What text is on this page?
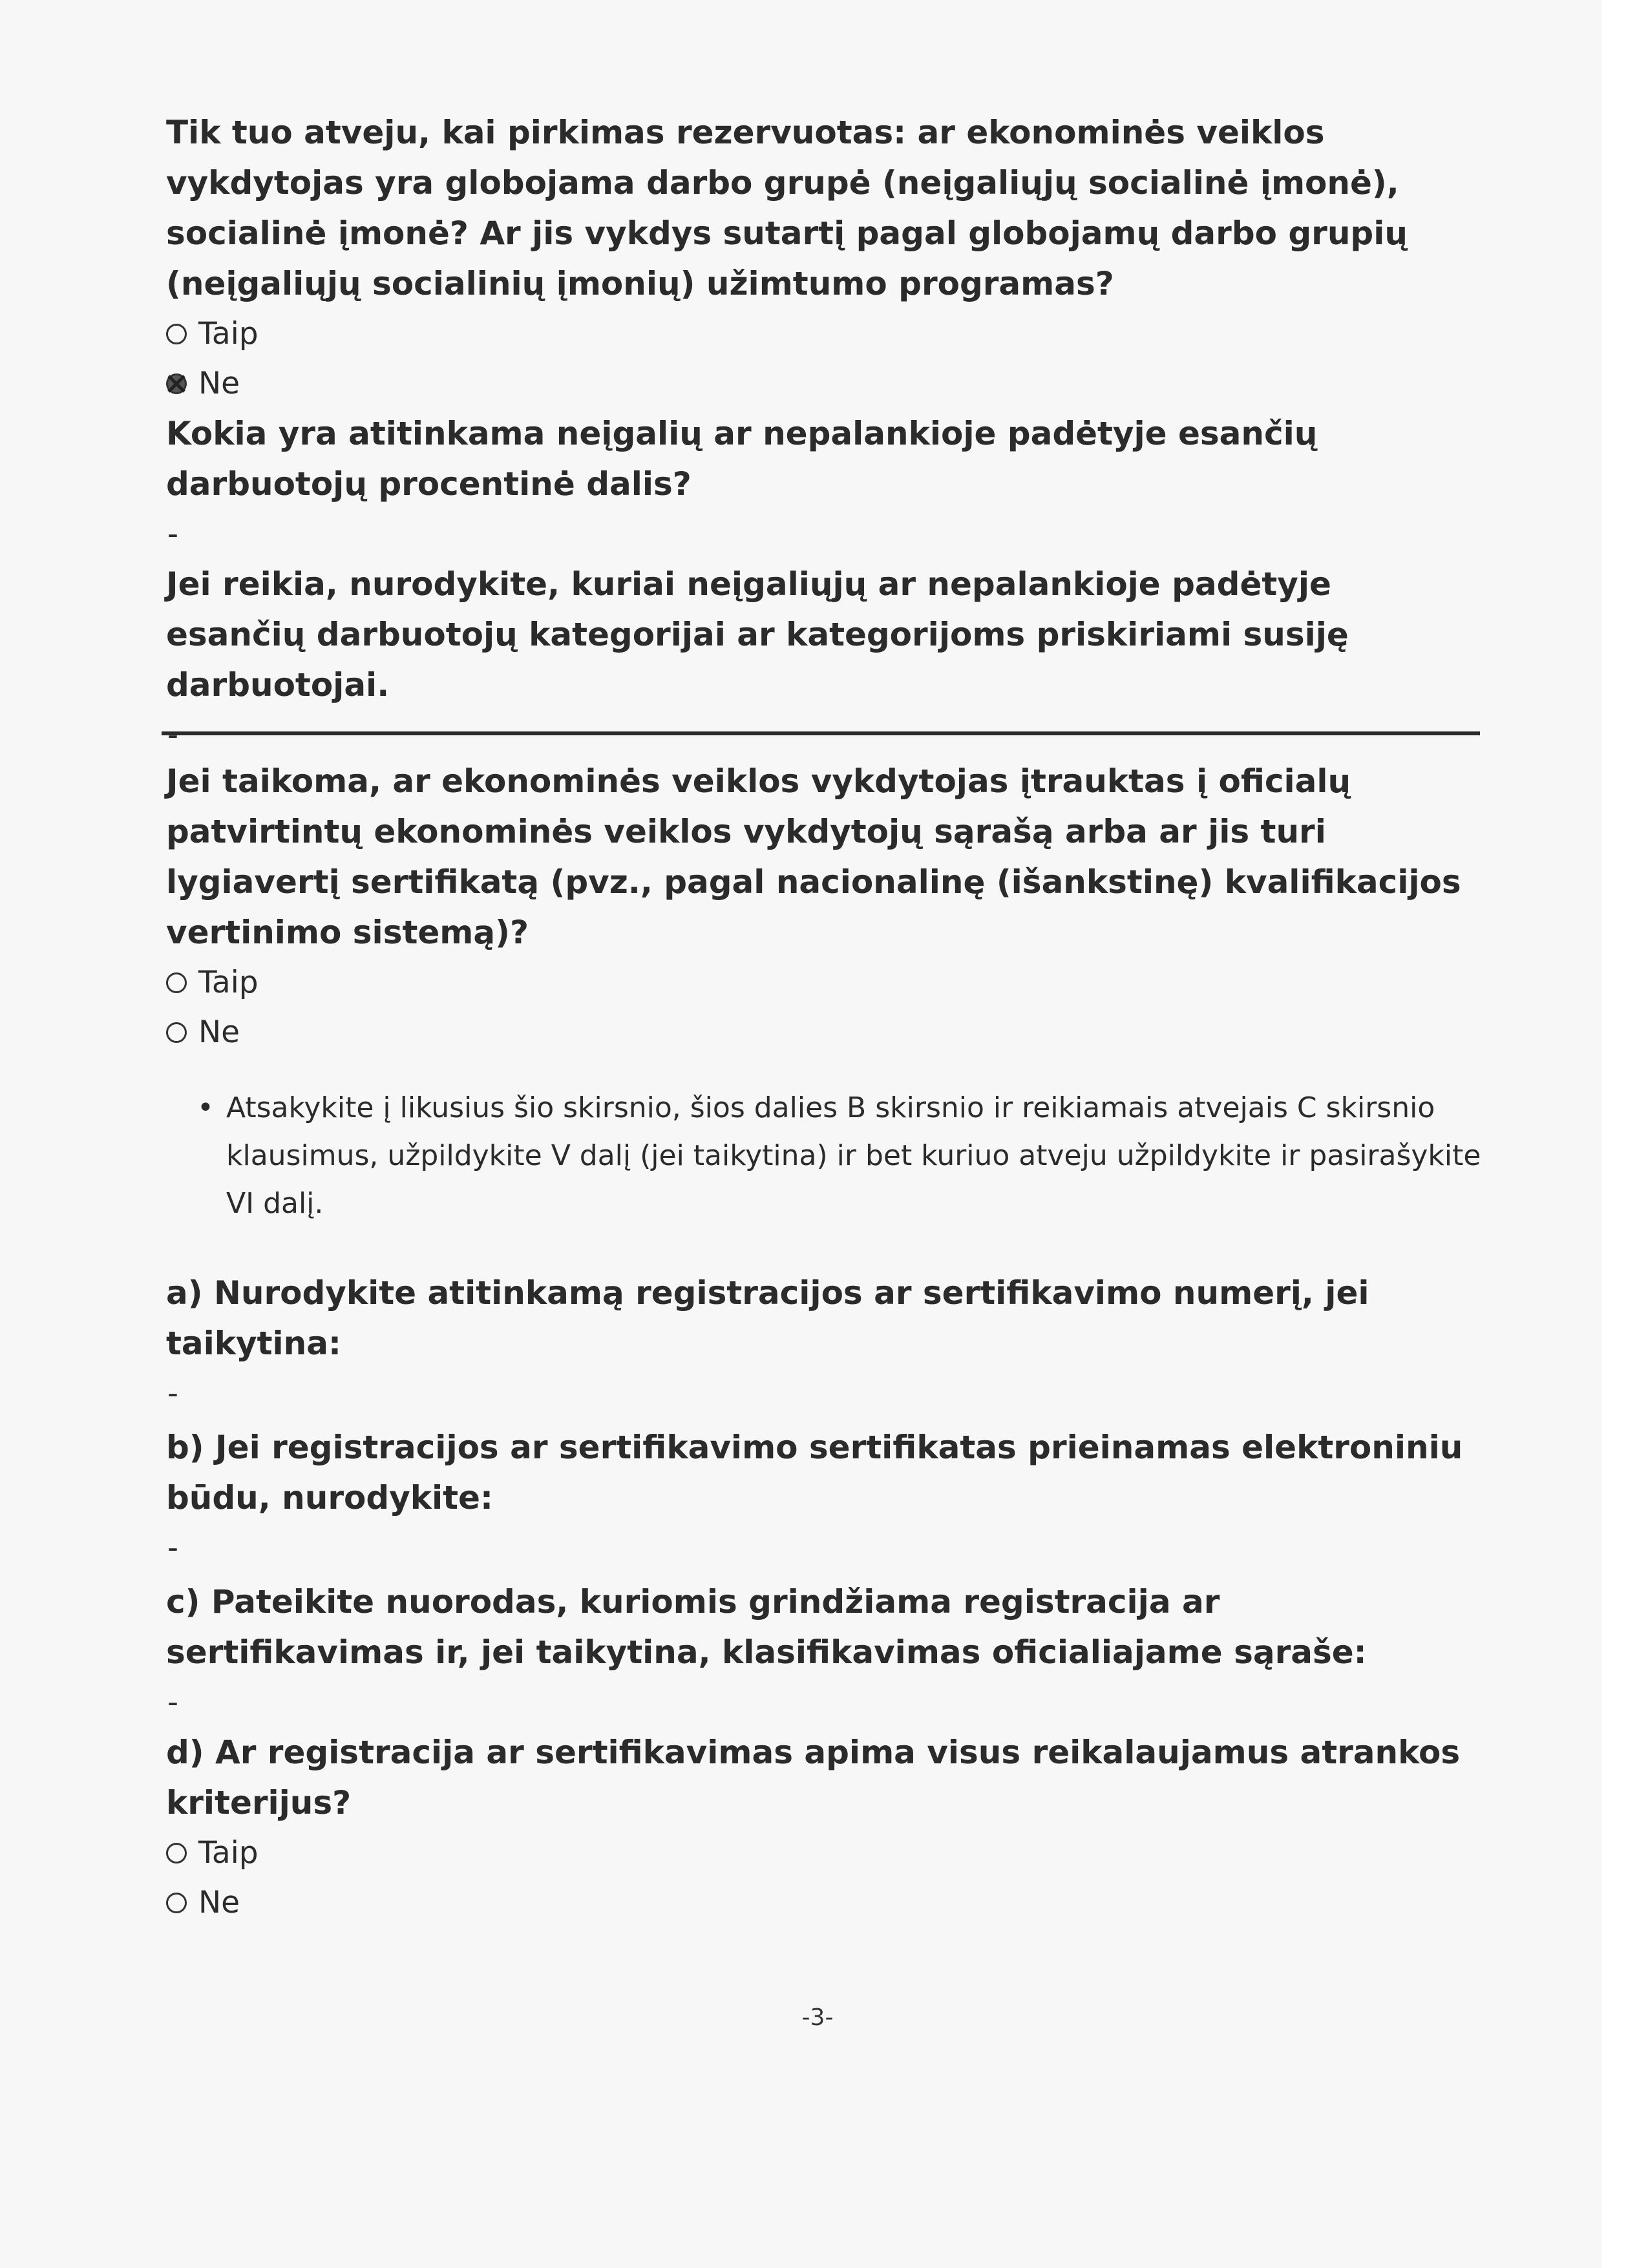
Tik tuo atveju, kai pirkimas rezervuotas: ar ekonominės veiklos vykdytojas yra globojama darbo grupė (neįgaliųjų socialinė įmonė), socialinė įmonė? Ar jis vykdys sutartį pagal globojamų darbo grupių (neįgaliųjų socialinių įmonių) užimtumo programas?

Taip
Ne

Kokia yra atitinkama neįgalių ar nepalankioje padėtyje esančių darbuotojų procentinė dalis?

-

Jei reikia, nurodykite, kuriai neįgaliųjų ar nepalankioje padėtyje esančių darbuotojų kategorijai ar kategorijoms priskiriami susiję darbuotojai.

Jei taikoma, ar ekonominės veiklos vykdytojas įtrauktas į oficialų patvirtintų ekonominės veiklos vykdytojų sąrašą arba ar jis turi lygiavertį sertifikatą (pvz., pagal nacionalinę (išankstinę) kvalifikacijos vertinimo sistemą)?

Taip
Ne
• Atsakykite į likusius šio skirsnio, šios dalies B skirsnio ir reikiamais atvejais C skirsnio klausimus, užpildykite V dalį (jei taikytina) ir bet kuriuo atveju užpildykite ir pasirašykite VI dalį.

a) Nurodykite atitinkamą registracijos ar sertifikavimo numerį, jei taikytina:

-

b) Jei registracijos ar sertifikavimo sertifikatas prieinamas elektroniniu būdu, nurodykite:

-

c) Pateikite nuorodas, kuriomis grindžiama registracija ar sertifikavimas ir, jei taikytina, klasifikavimas oficialiajame sąraše:

-

d) Ar registracija ar sertifikavimas apima visus reikalaujamus atrankos kriterijus?

Taip
Ne
-3-
